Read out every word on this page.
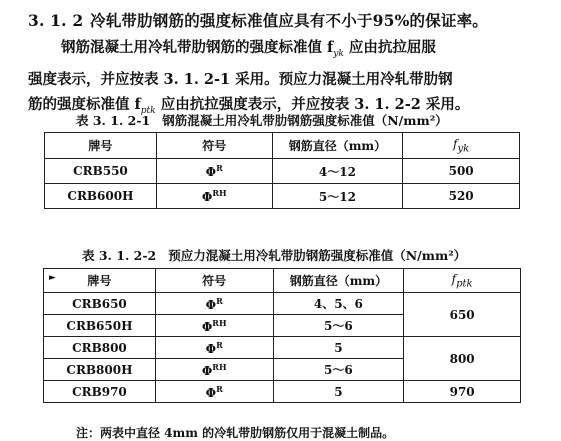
3. 1. 2 冷轧带肋钢筋的强度标准值应具有不小于95%的保证率。
钢筋混凝土用冷轧带肋钢筋的强度标准值 $f_{yk}$ 应由抗拉屈服
强度表示，并应按表 3. 1. 2-1 采用。预应力混凝土用冷轧带肋钢
筋的强度标准值 $f_{ptk}$ 应由抗拉强度表示，并应按表 3. 1. 2-2 采用。
表 3. 1. 2-1 钢筋混凝土用冷轧带肋钢筋强度标准值（N/mm²）
牌号	符号	钢筋直径（mm）	$f_{yk}$
CRB550	$\Phi^R$	4～12	500
CRB600H	$\Phi^{RH}$	5～12	520
表 3. 1. 2-2 预应力混凝土用冷轧带肋钢筋强度标准值（N/mm²）
► 牌号	符号	钢筋直径（mm）	$f_{ptk}$
CRB650	$\Phi^R$	4、5、6	650
CRB650H	$\Phi^{RH}$	5～6	
CRB800	$\Phi^R$	5	800
CRB800H	$\Phi^{RH}$	5～6	
CRB970	$\Phi^R$	5	970
注：两表中直径 4mm 的冷轧带肋钢筋仅用于混凝土制品。
